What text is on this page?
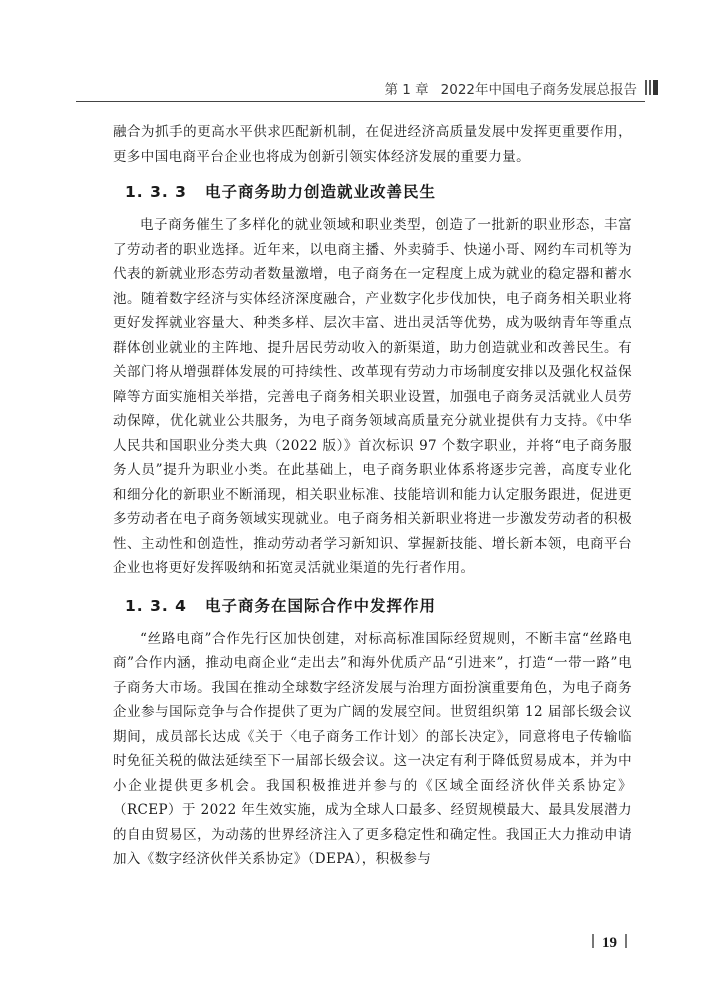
第 1 章 2022年中国电子商务发展总报告

融合为抓手的更高水平供求匹配新机制，在促进经济高质量发展中发挥更重要作用，更多中国电商平台企业也将成为创新引领实体经济发展的重要力量。

1. 3. 3 电子商务助力创造就业改善民生

电子商务催生了多样化的就业领域和职业类型，创造了一批新的职业形态，丰富了劳动者的职业选择。近年来，以电商主播、外卖骑手、快递小哥、网约车司机等为代表的新就业形态劳动者数量激增，电子商务在一定程度上成为就业的稳定器和蓄水池。随着数字经济与实体经济深度融合，产业数字化步伐加快，电子商务相关职业将更好发挥就业容量大、种类多样、层次丰富、进出灵活等优势，成为吸纳青年等重点群体创业就业的主阵地、提升居民劳动收入的新渠道，助力创造就业和改善民生。有关部门将从增强群体发展的可持续性、改革现有劳动力市场制度安排以及强化权益保障等方面实施相关举措，完善电子商务相关职业设置，加强电子商务灵活就业人员劳动保障，优化就业公共服务，为电子商务领域高质量充分就业提供有力支持。《中华人民共和国职业分类大典（2022 版）》首次标识 97 个数字职业，并将“电子商务服务人员”提升为职业小类。在此基础上，电子商务职业体系将逐步完善，高度专业化和细分化的新职业不断涌现，相关职业标准、技能培训和能力认定服务跟进，促进更多劳动者在电子商务领域实现就业。电子商务相关新职业将进一步激发劳动者的积极性、主动性和创造性，推动劳动者学习新知识、掌握新技能、增长新本领，电商平台企业也将更好发挥吸纳和拓宽灵活就业渠道的先行者作用。

1. 3. 4 电子商务在国际合作中发挥作用

“丝路电商”合作先行区加快创建，对标高标准国际经贸规则，不断丰富“丝路电商”合作内涵，推动电商企业“走出去”和海外优质产品“引进来”，打造“一带一路”电子商务大市场。我国在推动全球数字经济发展与治理方面扮演重要角色，为电子商务企业参与国际竞争与合作提供了更为广阔的发展空间。世贸组织第 12 届部长级会议期间，成员部长达成《关于〈电子商务工作计划〉的部长决定》，同意将电子传输临时免征关税的做法延续至下一届部长级会议。这一决定有利于降低贸易成本，并为中小企业提供更多机会。我国积极推进并参与的《区域全面经济伙伴关系协定》（RCEP）于 2022 年生效实施，成为全球人口最多、经贸规模最大、最具发展潜力的自由贸易区，为动荡的世界经济注入了更多稳定性和确定性。我国正大力推动申请加入《数字经济伙伴关系协定》（DEPA），积极参与

19
